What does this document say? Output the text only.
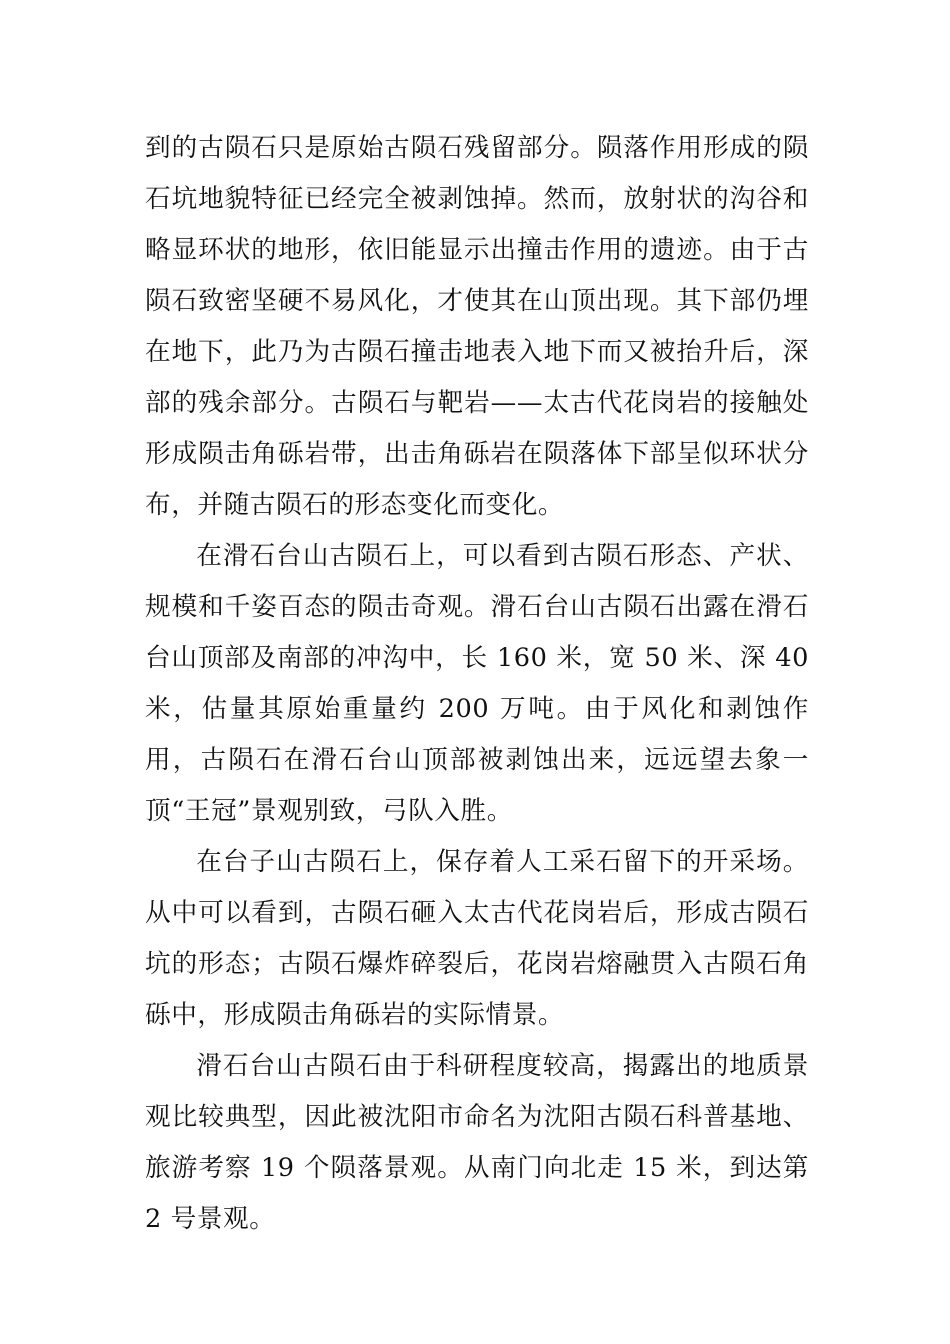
到的古陨石只是原始古陨石残留部分。陨落作用形成的陨石坑地貌特征已经完全被剥蚀掉。然而，放射状的沟谷和略显环状的地形，依旧能显示出撞击作用的遗迹。由于古陨石致密坚硬不易风化，才使其在山顶出现。其下部仍埋在地下，此乃为古陨石撞击地表入地下而又被抬升后，深部的残余部分。古陨石与靶岩——太古代花岗岩的接触处形成陨击角砾岩带，出击角砾岩在陨落体下部呈似环状分布，并随古陨石的形态变化而变化。

在滑石台山古陨石上，可以看到古陨石形态、产状、规模和千姿百态的陨击奇观。滑石台山古陨石出露在滑石台山顶部及南部的冲沟中，长 160 米，宽 50 米、深 40 米，估量其原始重量约 200 万吨。由于风化和剥蚀作用，古陨石在滑石台山顶部被剥蚀出来，远远望去象一顶“王冠”景观别致，弓队入胜。

在台子山古陨石上，保存着人工采石留下的开采场。从中可以看到，古陨石砸入太古代花岗岩后，形成古陨石坑的形态；古陨石爆炸碎裂后，花岗岩熔融贯入古陨石角砾中，形成陨击角砾岩的实际情景。

滑石台山古陨石由于科研程度较高，揭露出的地质景观比较典型，因此被沈阳市命名为沈阳古陨石科普基地、旅游考察 19 个陨落景观。从南门向北走 15 米，到达第 2 号景观。
